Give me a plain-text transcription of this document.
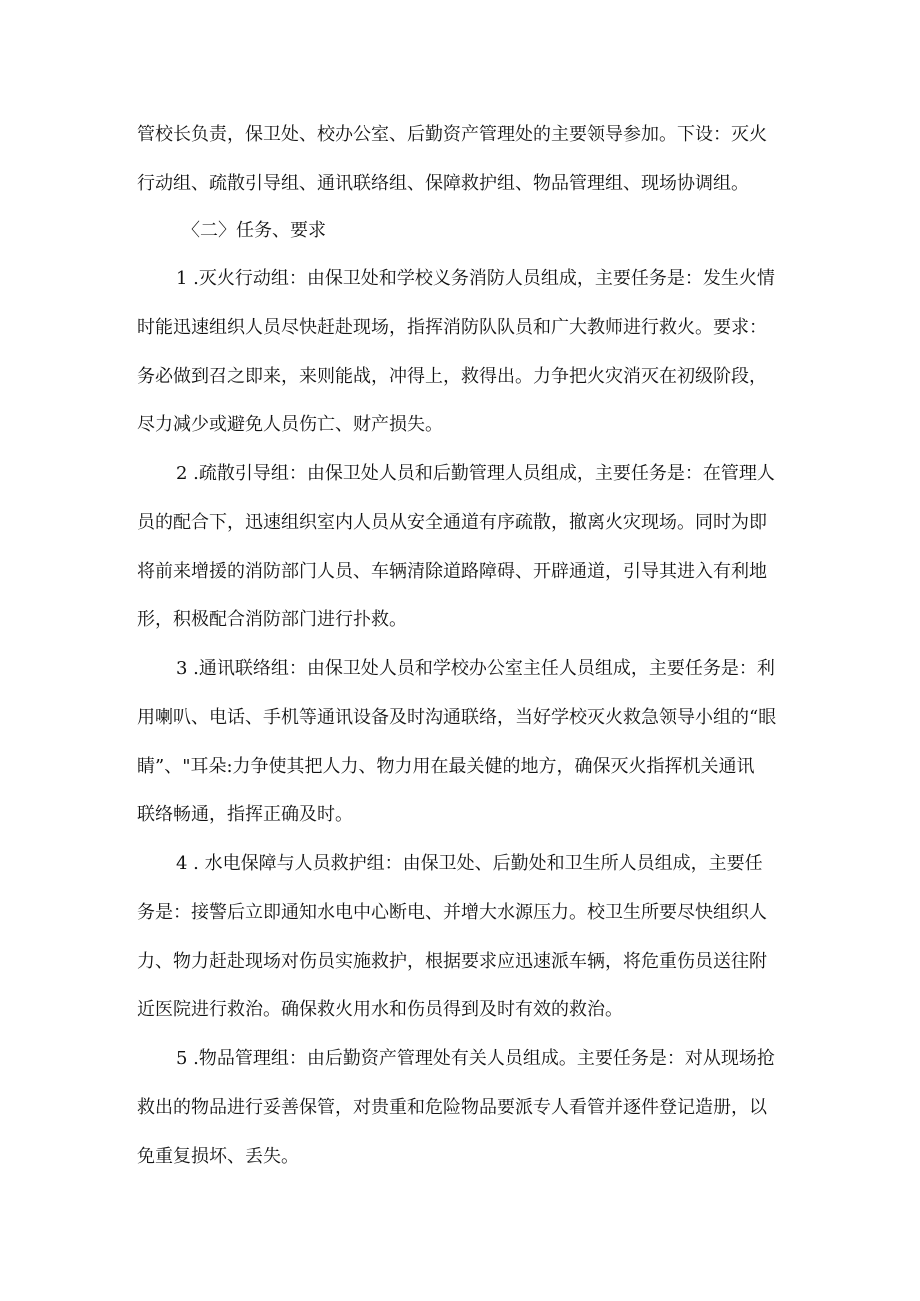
管校长负责，保卫处、校办公室、后勤资产管理处的主要领导参加。下设：灭火
行动组、疏散引导组、通讯联络组、保障救护组、物品管理组、现场协调组。
〈二〉任务、要求
1 .灭火行动组：由保卫处和学校义务消防人员组成，主要任务是：发生火情
时能迅速组织人员尽快赶赴现场，指挥消防队队员和广大教师进行救火。要求：
务必做到召之即来，来则能战，冲得上，救得出。力争把火灾消灭在初级阶段，
尽力减少或避免人员伤亡、财产损失。
2 .疏散引导组：由保卫处人员和后勤管理人员组成，主要任务是：在管理人
员的配合下，迅速组织室内人员从安全通道有序疏散，撤离火灾现场。同时为即
将前来增援的消防部门人员、车辆清除道路障碍、开辟通道，引导其进入有利地
形，积极配合消防部门进行扑救。
3 .通讯联络组：由保卫处人员和学校办公室主任人员组成，主要任务是：利
用喇叭、电话、手机等通讯设备及时沟通联络，当好学校灭火救急领导小组的“眼
睛”、"耳朵:力争使其把人力、物力用在最关健的地方，确保灭火指挥机关通讯
联络畅通，指挥正确及时。
4 . 水电保障与人员救护组：由保卫处、后勤处和卫生所人员组成，主要任
务是：接警后立即通知水电中心断电、并增大水源压力。校卫生所要尽快组织人
力、物力赶赴现场对伤员实施救护，根据要求应迅速派车辆，将危重伤员送往附
近医院进行救治。确保救火用水和伤员得到及时有效的救治。
5 .物品管理组：由后勤资产管理处有关人员组成。主要任务是：对从现场抢
救出的物品进行妥善保管，对贵重和危险物品要派专人看管并逐件登记造册，以
免重复损坏、丢失。
